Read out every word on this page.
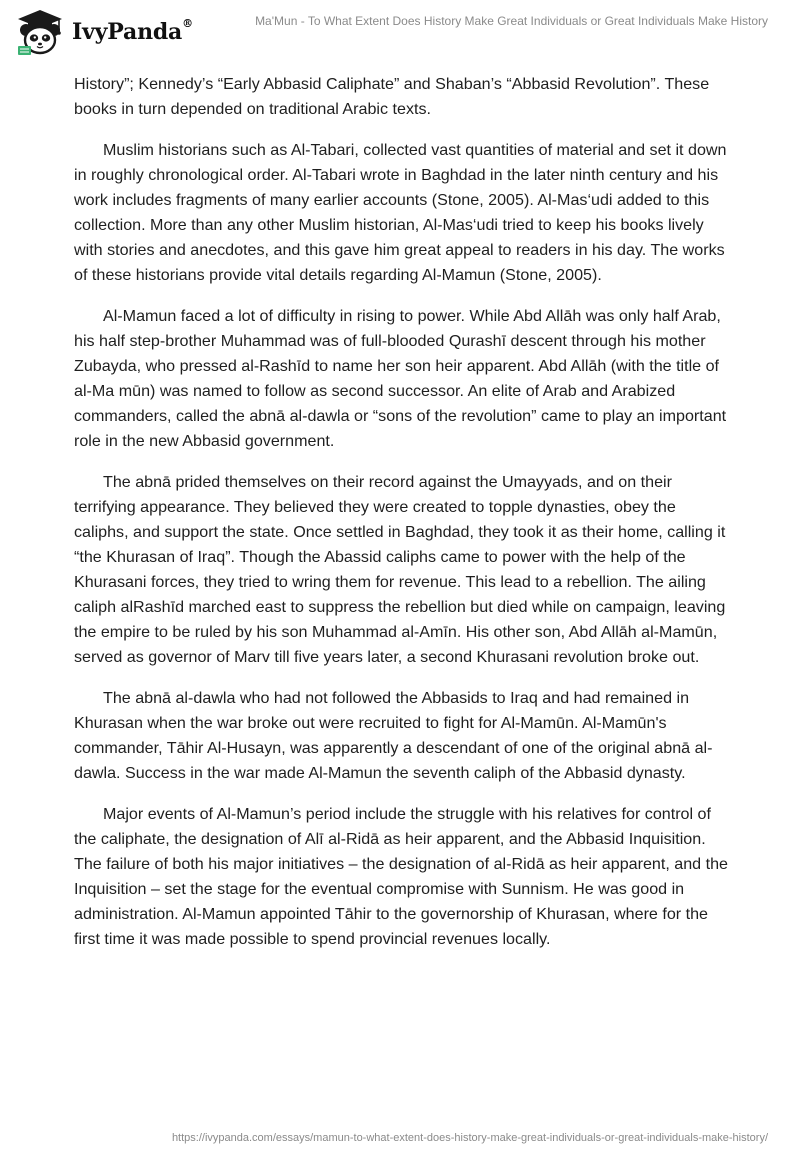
IvyPanda®	Ma'Mun - To What Extent Does History Make Great Individuals or Great Individuals Make History

History”; Kennedy’s “Early Abbasid Caliphate” and Shaban’s “Abbasid Revolution”. These books in turn depended on traditional Arabic texts.

Muslim historians such as Al-Tabari, collected vast quantities of material and set it down in roughly chronological order. Al-Tabari wrote in Baghdad in the later ninth century and his work includes fragments of many earlier accounts (Stone, 2005). Al-Mas‘udi added to this collection. More than any other Muslim historian, Al-Mas‘udi tried to keep his books lively with stories and anecdotes, and this gave him great appeal to readers in his day. The works of these historians provide vital details regarding Al-Mamun (Stone, 2005).

Al-Mamun faced a lot of difficulty in rising to power. While Abd Allāh was only half Arab, his half step-brother Muhammad was of full-blooded Qurashī descent through his mother Zubayda, who pressed al-Rashīd to name her son heir apparent. Abd Allāh (with the title of al-Ma mūn) was named to follow as second successor. An elite of Arab and Arabized commanders, called the abnā al-dawla or “sons of the revolution” came to play an important role in the new Abbasid government.

The abnā prided themselves on their record against the Umayyads, and on their terrifying appearance. They believed they were created to topple dynasties, obey the caliphs, and support the state. Once settled in Baghdad, they took it as their home, calling it “the Khurasan of Iraq”. Though the Abassid caliphs came to power with the help of the Khurasani forces, they tried to wring them for revenue. This lead to a rebellion. The ailing caliph alRashīd marched east to suppress the rebellion but died while on campaign, leaving the empire to be ruled by his son Muhammad al-Amīn. His other son, Abd Allāh al-Mamūn, served as governor of Marv till five years later, a second Khurasani revolution broke out.

The abnā al-dawla who had not followed the Abbasids to Iraq and had remained in Khurasan when the war broke out were recruited to fight for Al-Mamūn. Al-Mamūn's commander, Tāhir Al-Husayn, was apparently a descendant of one of the original abnā al-dawla. Success in the war made Al-Mamun the seventh caliph of the Abbasid dynasty.

Major events of Al-Mamun’s period include the struggle with his relatives for control of the caliphate, the designation of Alī al-Ridā as heir apparent, and the Abbasid Inquisition. The failure of both his major initiatives – the designation of al-Ridā as heir apparent, and the Inquisition – set the stage for the eventual compromise with Sunnism. He was good in administration. Al-Mamun appointed Tāhir to the governorship of Khurasan, where for the first time it was made possible to spend provincial revenues locally.

https://ivypanda.com/essays/mamun-to-what-extent-does-history-make-great-individuals-or-great-individuals-make-history/
